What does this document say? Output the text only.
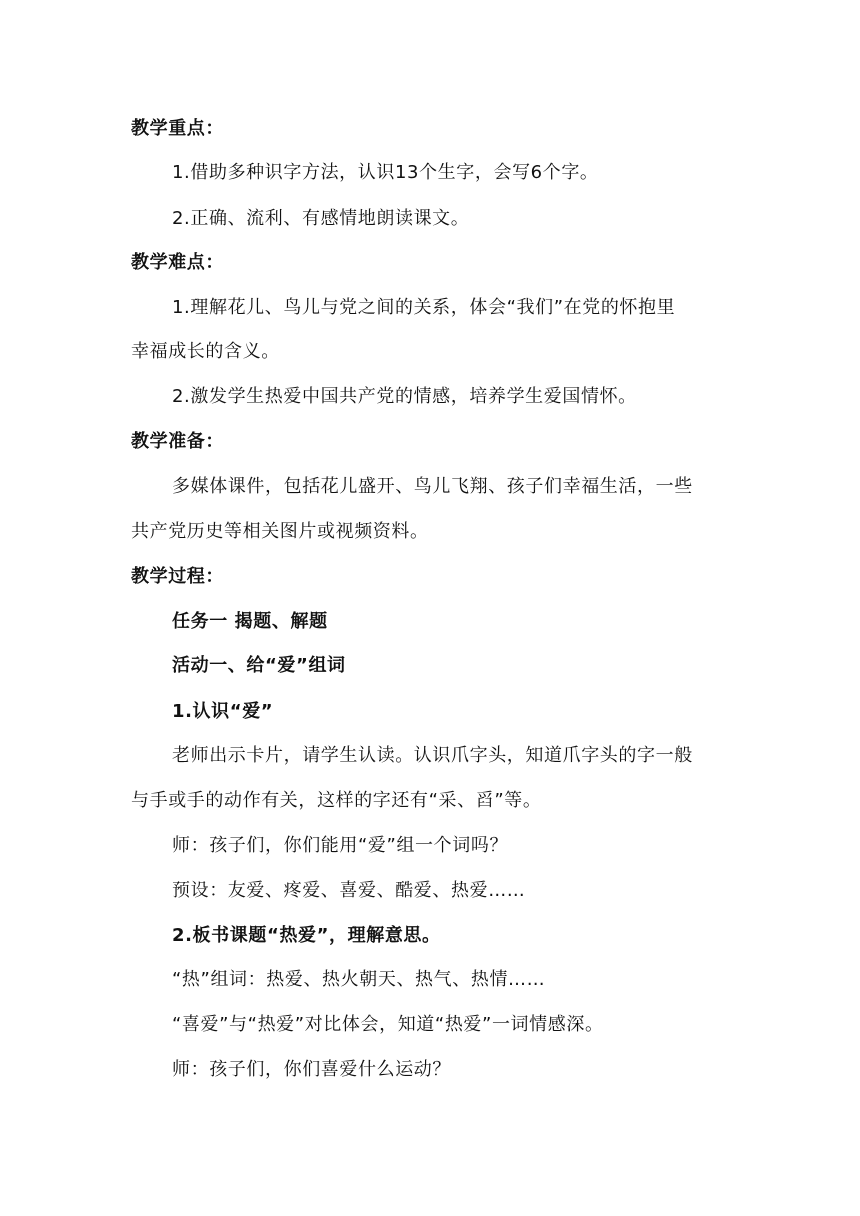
教学重点：
1.借助多种识字方法，认识13个生字，会写6个字。
2.正确、流利、有感情地朗读课文。
教学难点：
1.理解花儿、鸟儿与党之间的关系，体会“我们”在党的怀抱里
幸福成长的含义。
2.激发学生热爱中国共产党的情感，培养学生爱国情怀。
教学准备：
多媒体课件，包括花儿盛开、鸟儿飞翔、孩子们幸福生活，一些
共产党历史等相关图片或视频资料。
教学过程：
任务一 揭题、解题
活动一、给“爱”组词
1.认识“爱”
老师出示卡片，请学生认读。认识爪字头，知道爪字头的字一般
与手或手的动作有关，这样的字还有“采、舀”等。
师：孩子们，你们能用“爱”组一个词吗？
预设：友爱、疼爱、喜爱、酷爱、热爱……
2.板书课题“热爱”，理解意思。
“热”组词：热爱、热火朝天、热气、热情……
“喜爱”与“热爱”对比体会，知道“热爱”一词情感深。
师：孩子们，你们喜爱什么运动？
